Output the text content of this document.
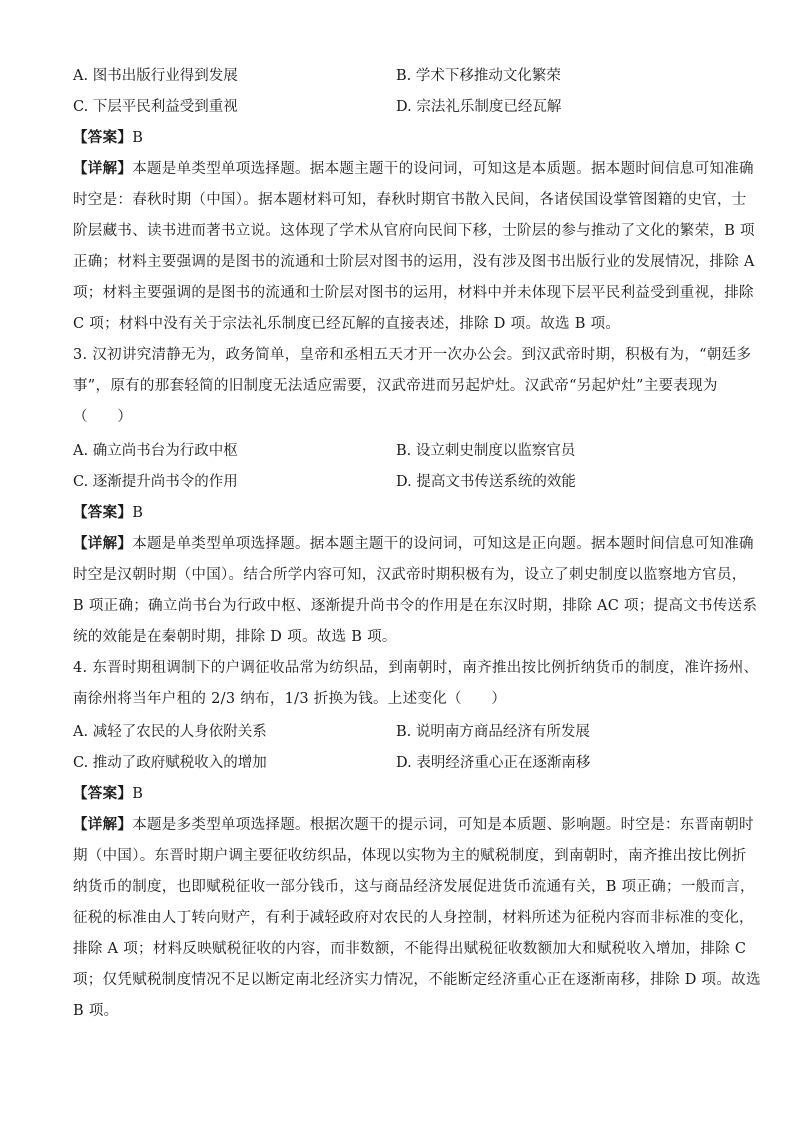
A. 图书出版行业得到发展	B. 学术下移推动文化繁荣
C. 下层平民利益受到重视	D. 宗法礼乐制度已经瓦解
【答案】B
【详解】本题是单类型单项选择题。据本题主题干的设问词，可知这是本质题。据本题时间信息可知准确
时空是：春秋时期（中国）。据本题材料可知，春秋时期官书散入民间，各诸侯国设掌管图籍的史官，士
阶层藏书、读书进而著书立说。这体现了学术从官府向民间下移，士阶层的参与推动了文化的繁荣，B 项
正确；材料主要强调的是图书的流通和士阶层对图书的运用，没有涉及图书出版行业的发展情况，排除 A
项；材料主要强调的是图书的流通和士阶层对图书的运用，材料中并未体现下层平民利益受到重视，排除
C 项；材料中没有关于宗法礼乐制度已经瓦解的直接表述，排除 D 项。故选 B 项。
3. 汉初讲究清静无为，政务简单，皇帝和丞相五天才开一次办公会。到汉武帝时期，积极有为，“朝廷多
事”，原有的那套轻简的旧制度无法适应需要，汉武帝进而另起炉灶。汉武帝“另起炉灶”主要表现为
（　　）
A. 确立尚书台为行政中枢	B. 设立刺史制度以监察官员
C. 逐渐提升尚书令的作用	D. 提高文书传送系统的效能
【答案】B
【详解】本题是单类型单项选择题。据本题主题干的设问词，可知这是正向题。据本题时间信息可知准确
时空是汉朝时期（中国）。结合所学内容可知，汉武帝时期积极有为，设立了刺史制度以监察地方官员，
B 项正确；确立尚书台为行政中枢、逐渐提升尚书令的作用是在东汉时期，排除 AC 项；提高文书传送系
统的效能是在秦朝时期，排除 D 项。故选 B 项。
4. 东晋时期租调制下的户调征收品常为纺织品，到南朝时，南齐推出按比例折纳货币的制度，准许扬州、
南徐州将当年户租的 2/3 纳布，1/3 折换为钱。上述变化（　　）
A. 减轻了农民的人身依附关系	B. 说明南方商品经济有所发展
C. 推动了政府赋税收入的增加	D. 表明经济重心正在逐渐南移
【答案】B
【详解】本题是多类型单项选择题。根据次题干的提示词，可知是本质题、影响题。时空是：东晋南朝时
期（中国）。东晋时期户调主要征收纺织品，体现以实物为主的赋税制度，到南朝时，南齐推出按比例折
纳货币的制度，也即赋税征收一部分钱币，这与商品经济发展促进货币流通有关，B 项正确；一般而言，
征税的标准由人丁转向财产，有利于减轻政府对农民的人身控制，材料所述为征税内容而非标准的变化，
排除 A 项；材料反映赋税征收的内容，而非数额，不能得出赋税征收数额加大和赋税收入增加，排除 C
项；仅凭赋税制度情况不足以断定南北经济实力情况，不能断定经济重心正在逐渐南移，排除 D 项。故选
B 项。
